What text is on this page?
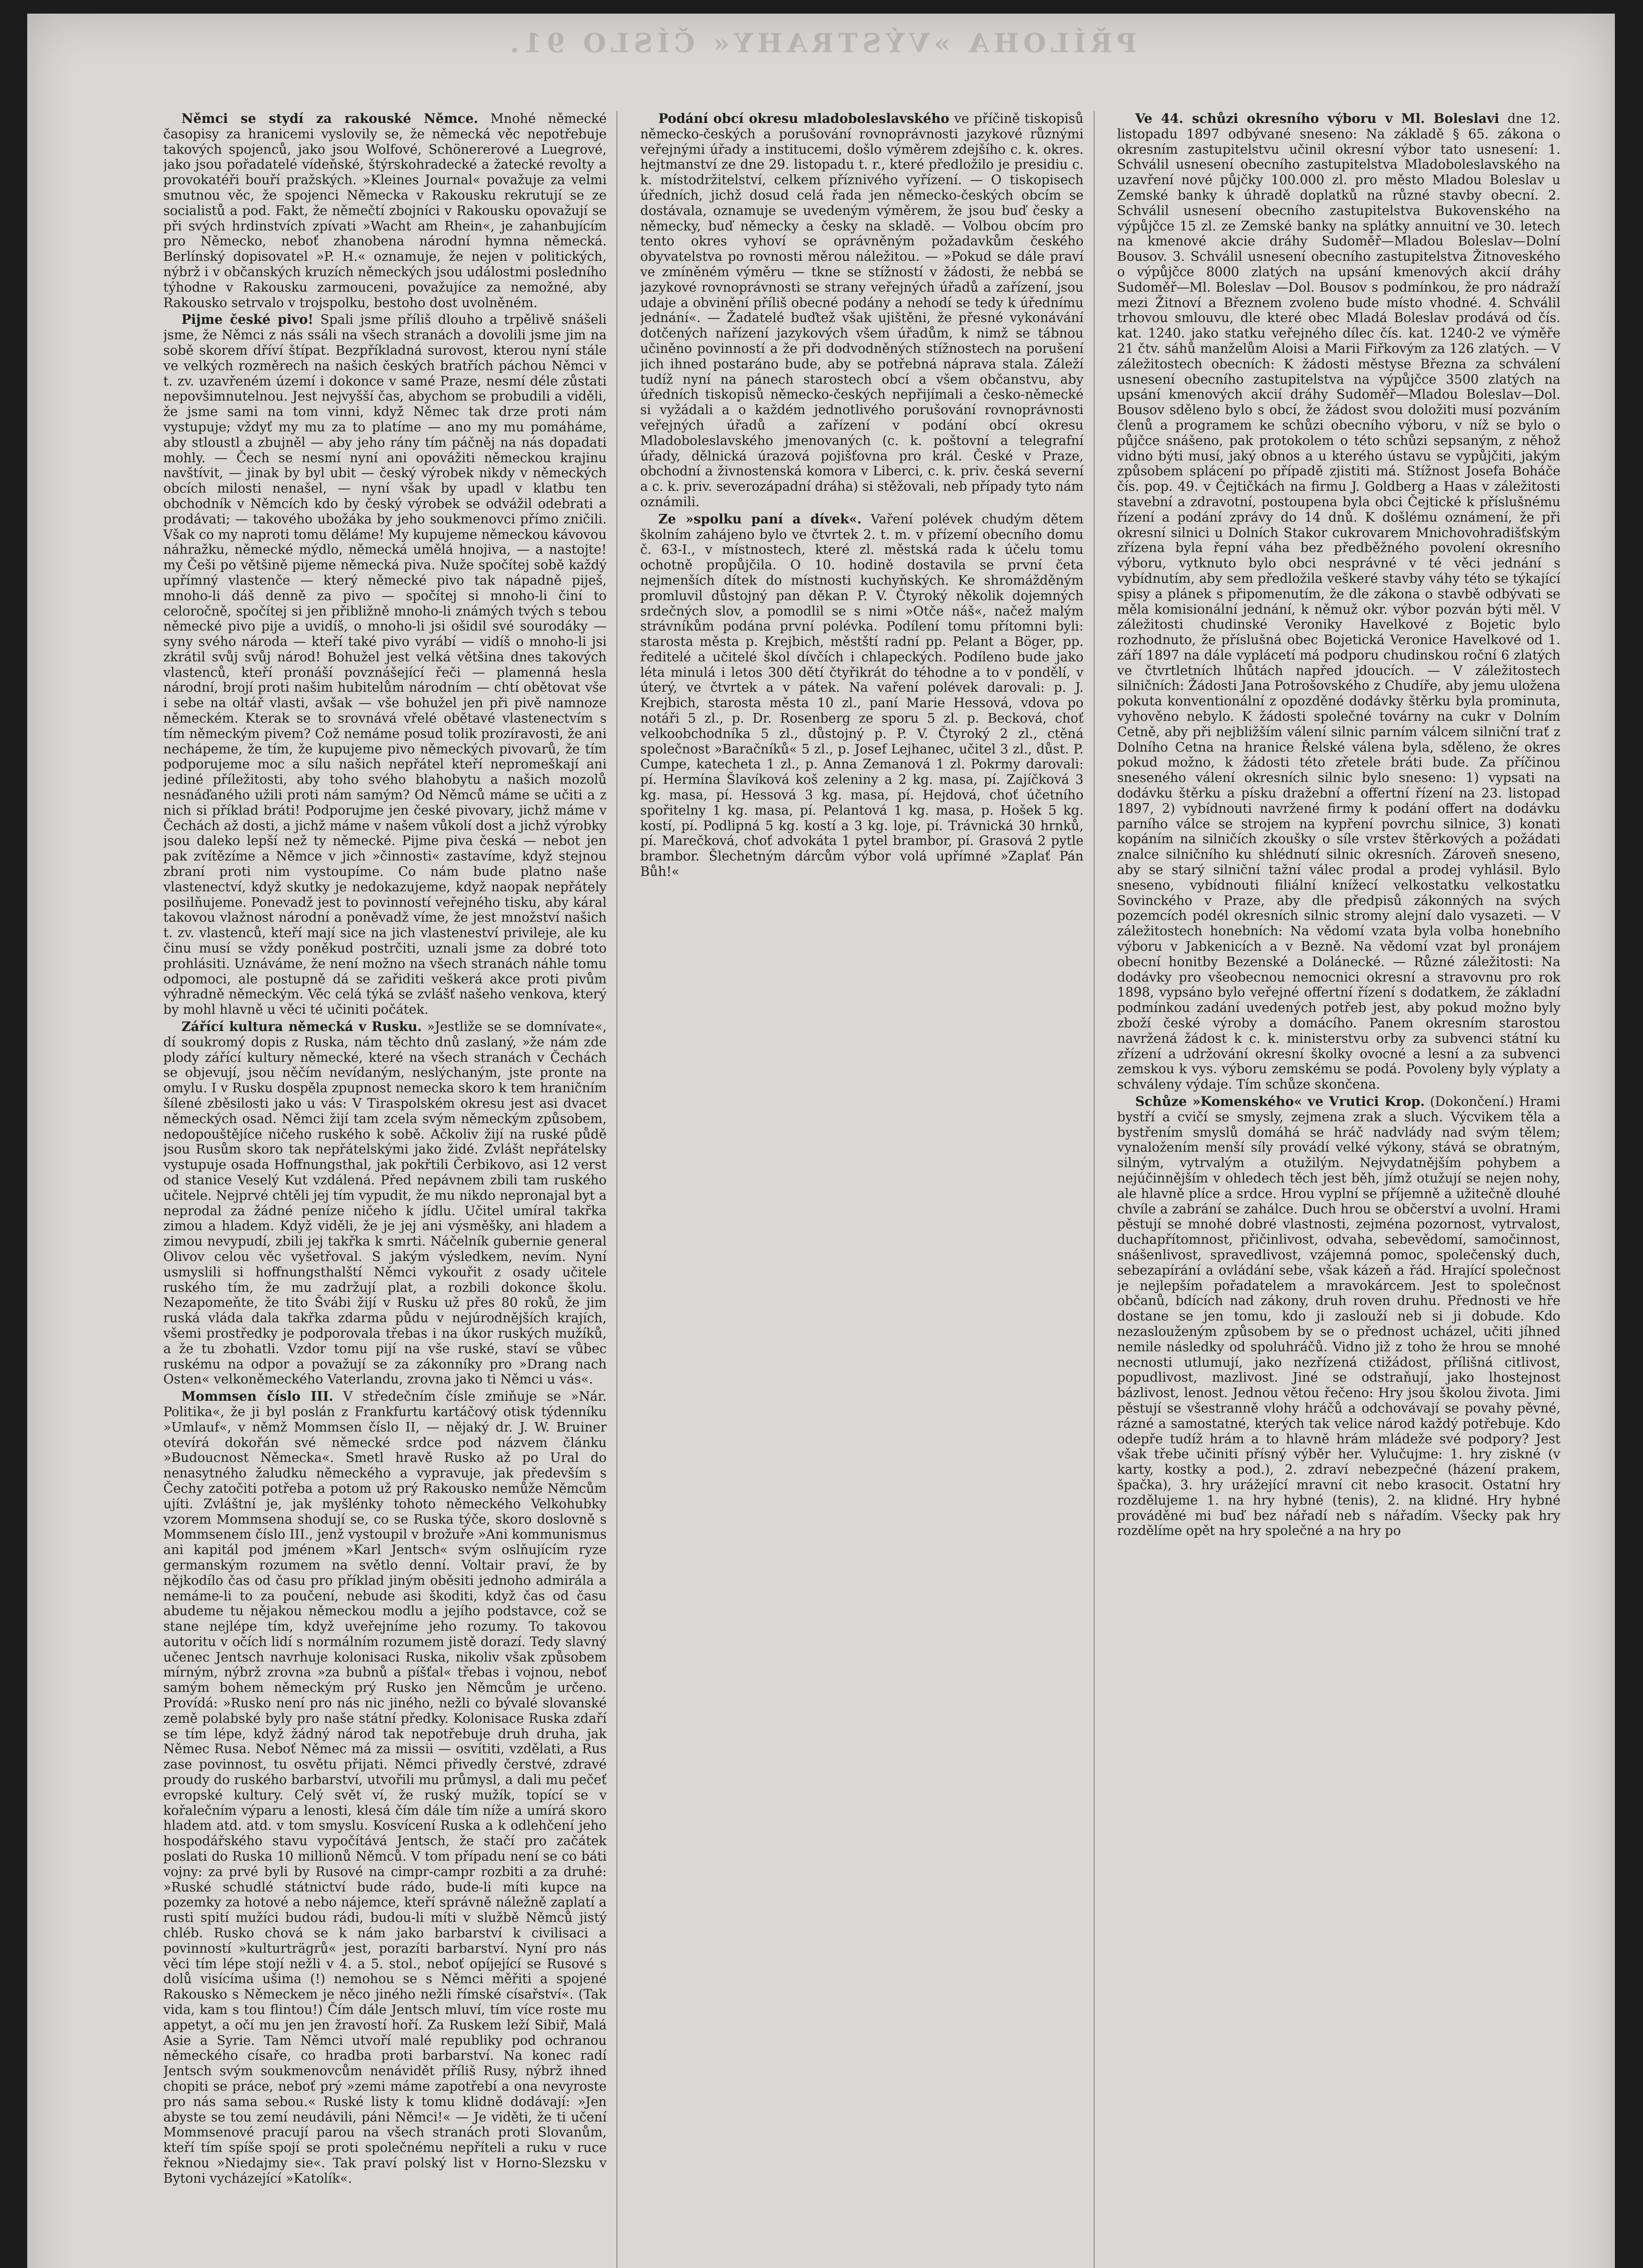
PŘÍLOHA »VÝSTRAHY« ČÍSLO 91.

Němci se stydí za rakouské Němce. Mnohé německé časopisy za hranicemi vyslovily se, že německá věc nepotřebuje takových spojenců, jako jsou Wolfové, Schönererové a Luegrové, jako jsou pořadatelé vídeňské, štýrskohradecké a žatecké revolty a provokatéři bouří pražských. »Kleines Journal« považuje za velmi smutnou věc, že spojenci Německa v Rakousku rekrutují se ze socialistů a pod. Fakt, že němečtí zbojníci v Rakousku opovažují se při svých hrdinstvích zpívati »Wacht am Rhein«, je zahanbujícím pro Německo, neboť zhanobena národní hymna německá. Berlínský dopisovatel »P. H.« oznamuje, že nejen v politických, nýbrž i v občanských kruzích německých jsou událostmi posledního týhodne v Rakousku zarmouceni, považujíce za nemožné, aby Rakousko setrvalo v trojspolku, bestoho dost uvolněném.

Pijme české pivo! Spali jsme příliš dlouho a trpělivě snášeli jsme, že Němci z nás ssáli na všech stranách a dovolili jsme jim na sobě skorem dříví štípat. Bezpříkladná surovost, kterou nyní stále ve velkých rozměrech na našich českých bratřích páchou Němci v t. zv. uzavřeném území i dokonce v samé Praze, nesmí déle zůstati nepovšimnutelnou. Jest nejvyšší čas, abychom se probudili a viděli, že jsme sami na tom vinni, když Němec tak drze proti nám vystupuje; vždyť my mu za to platíme — ano my mu pomáháme, aby stloustl a zbujněl — aby jeho rány tím páčněj na nás dopadati mohly. — Čech se nesmí nyní ani opovážiti německou krajinu navštívit, — jinak by byl ubit — český výrobek nikdy v německých obcích milosti nenašel, — nyní však by upadl v klatbu ten obchodník v Němcích kdo by český výrobek se odvážil odebrati a prodávati; — takového ubožáka by jeho soukmenovci přímo zničili. Však co my naproti tomu děláme! My kupujeme německou kávovou náhražku, německé mýdlo, německá umělá hnojiva, — a nastojte! my Češi po většině pijeme německá piva. Nuže spočítej sobě každý upřímný vlastenče — který německé pivo tak nápadně piješ, mnoho-li dáš denně za pivo — spočítej si mnoho-li činí to celoročně, spočítej si jen přibližně mnoho-li známých tvých s tebou německé pivo pije a uvidíš, o mnoho-li jsi ošidil své sourodáky — syny svého národa — kteří také pivo vyrábí — vidíš o mnoho-li jsi zkrátil svůj svůj národ! Bohužel jest velká většina dnes takových vlastenců, kteří pronáší povznášející řeči — plamenná hesla národní, brojí proti našim hubitelům národním — chtí obětovat vše i sebe na oltář vlasti, avšak — vše bohužel jen při pivě namnoze německém. Kterak se to srovnává vřelé obětavé vlastenectvím s tím německým pivem? Což nemáme posud tolik prozíravosti, že ani nechápeme, že tím, že kupujeme pivo německých pivovarů, že tím podporujeme moc a sílu našich nepřátel kteří nepromeškají ani jediné příležitosti, aby toho svého blahobytu a našich mozolů nesnáďaného užili proti nám samým? Od Němců máme se učiti a z nich si příklad bráti! Podporujme jen české pivovary, jichž máme v Čechách až dosti, a jichž máme v našem vůkolí dost a jichž výrobky jsou daleko lepší než ty německé. Pijme piva česká — nebot jen pak zvítězíme a Němce v jich »činnosti« zastavíme, když stejnou zbraní proti nim vystoupíme. Co nám bude platno naše vlastenectví, když skutky je nedokazujeme, když naopak nepřátely posilňujeme. Ponevadž jest to povinností veřejného tisku, aby káral takovou vlažnost národní a poněvadž víme, že jest množství našich t. zv. vlastenců, kteří mají sice na jich vlasteneství privileje, ale ku činu musí se vždy poněkud postrčiti, uznali jsme za dobré toto prohlásiti. Uznáváme, že není možno na všech stranách náhle tomu odpomoci, ale postupně dá se zařiditi veškerá akce proti pivům výhradně německým. Věc celá týká se zvlášť našeho venkova, který by mohl hlavně u věci té učiniti počátek.

Zářící kultura německá v Rusku. »Jestliže se se domnívate«, dí soukromý dopis z Ruska, nám těchto dnů zaslaný, »že nám zde plody zářící kultury německé, které na všech stranách v Čechách se objevují, jsou něčím nevídaným, neslýchaným, jste pronte na omylu. I v Rusku dospěla zpupnost nemecka skoro k tem hraničním šílené zběsilosti jako u vás: V Tiraspolském okresu jest asi dvacet německých osad. Němci žijí tam zcela svým německým způsobem, nedopouštějíce ničeho ruského k sobě. Ačkoliv žijí na ruské půdě jsou Rusům skoro tak nepřátelskými jako židé. Zvlášt nepřátelsky vystupuje osada Hoffnungsthal, jak pokřtili Čerbikovo, asi 12 verst od stanice Veselý Kut vzdálená. Před nepávnem zbili tam ruského učitele. Nejprvé chtěli jej tím vypudit, že mu nikdo nepronajal byt a neprodal za žádné peníze ničeho k jídlu. Učitel umíral takřka zimou a hladem. Když viděli, že je jej ani výsměšky, ani hladem a zimou nevypudí, zbili jej takřka k smrti. Náčelník gubernie general Olivov celou věc vyšetřoval. S jakým výsledkem, nevím. Nyní usmyslili si hoffnungsthalští Němci vykouřit z osady učitele ruského tím, že mu zadržují plat, a rozbili dokonce školu. Nezapomeňte, že tito Švábi žijí v Rusku už přes 80 roků, že jim ruská vláda dala takřka zdarma půdu v nejúrodnějších krajích, všemi prostředky je podporovala třebas i na úkor ruských mužíků, a že tu zbohatli. Vzdor tomu pijí na vše ruské, staví se vůbec ruskému na odpor a považují se za zákonníky pro »Drang nach Osten« velkoněmeckého Vaterlandu, zrovna jako ti Němci u vás«.

Mommsen číslo III. V středečním čísle zmiňuje se »Nár. Politika«, že ji byl poslán z Frankfurtu kartáčový otisk týdenníku »Umlauf«, v němž Mommsen číslo II, — nějaký dr. J. W. Bruiner otevírá dokořán své německé srdce pod názvem článku »Budoucnost Německa«. Smetl hravě Rusko až po Ural do nenasytného žaludku německého a vypravuje, jak především s Čechy zatočiti potřeba a potom už prý Rakousko nemůže Němcům ujíti. Zvláštní je, jak myšlénky tohoto německého Velkohubky vzorem Mommsena shodují se, co se Ruska týče, skoro doslovně s Mommsenem číslo III., jenž vystoupil v brožuře »Ani kommunismus ani kapitál pod jménem »Karl Jentsch« svým oslňujícím ryze germanským rozumem na světlo denní. Voltair praví, že by nějkodílo čas od času pro příklad jiným oběsiti jednoho admirála a nemáme-li to za poučení, nebude asi škoditi, když čas od času abudeme tu nějakou německou modlu a jejího podstavce, což se stane nejlépe tím, když uveřejníme jeho rozumy. To takovou autoritu v očích lidí s normálním rozumem jistě dorazí. Tedy slavný učenec Jentsch navrhuje kolonisaci Ruska, nikoliv však způsobem mírným, nýbrž zrovna »za bubnů a píšťal« třebas i vojnou, neboť samým bohem německým prý Rusko jen Němcům je určeno. Provídá: »Rusko není pro nás nic jiného, nežli co bývalé slovanské země polabské byly pro naše státní předky. Kolonisace Ruska zdaří se tím lépe, když žádný národ tak nepotřebuje druh druha, jak Němec Rusa. Neboť Němec má za missii — osvítiti, vzdělati, a Rus zase povinnost, tu osvětu přijati. Němci přivedly čerstvé, zdravé proudy do ruského barbarství, utvořili mu průmysl, a dali mu pečeť evropské kultury. Celý svět ví, že ruský mužík, topící se v kořalečním výparu a lenosti, klesá čím dále tím níže a umírá skoro hladem atd. atd. v tom smyslu. Kosvícení Ruska a k odlehčení jeho hospodářského stavu vypočítává Jentsch, že stačí pro začátek poslati do Ruska 10 millionů Němců. V tom případu není se co báti vojny: za prvé byli by Rusové na cimpr-campr rozbiti a za druhé: »Ruské schudlé státnictví bude rádo, bude-li míti kupce na pozemky za hotové a nebo nájemce, kteří správně náležně zaplatí a rusti spití mužíci budou rádi, budou-li míti v službě Němců jistý chléb. Rusko chová se k nám jako barbarství k civilisaci a povinností »kulturträgrů« jest, porazíti barbarství. Nyní pro nás věci tím lépe stojí nežli v 4. a 5. stol., neboť opíjející se Rusové s dolů visícíma ušima (!) nemohou se s Němci měřiti a spojené Rakousko s Německem je něco jiného nežli římské císařství«. (Tak vida, kam s tou flintou!) Čím dále Jentsch mluví, tím více roste mu appetyt, a očí mu jen jen žravostí hoří. Za Ruskem leží Sibiř, Malá Asie a Syrie. Tam Němci utvoří malé republiky pod ochranou německého císaře, co hradba proti barbarství. Na konec radí Jentsch svým soukmenovcům nenávidět příliš Rusy, nýbrž ihned chopiti se práce, neboť prý »zemi máme zapotřebí a ona nevyroste pro nás sama sebou.« Ruské listy k tomu klidně dodávají: »Jen abyste se tou zemí neudávili, páni Němci!« — Je viděti, že ti učení Mommsenové pracují parou na všech stranách proti Slovanům, kteří tím spíše spojí se proti společnému nepříteli a ruku v ruce řeknou »Niedajmy sie«. Tak praví polský list v Horno-Slezsku v Bytoni vycházející »Katolík«.

Podání obcí okresu mladoboleslavského ve příčině tiskopisů německo-českých a porušování rovnoprávnosti jazykové různými veřejnými úřady a institucemi, došlo výměrem zdejšího c. k. okres. hejtmanství ze dne 29. listopadu t. r., které předložilo je presidiu c. k. místodržitelství, celkem příznivého vyřízení. — O tiskopisech úředních, jichž dosud celá řada jen německo-českých obcím se dostávala, oznamuje se uvedeným výměrem, že jsou buď česky a německy, buď německy a česky na skladě. — Volbou obcím pro tento okres vyhoví se oprávněným požadavkům českého obyvatelstva po rovnosti měrou náležitou. — »Pokud se dále praví ve zmíněném výměru — tkne se stížností v žádosti, že nebbá se jazykové rovnoprávnosti se strany veřejných úřadů a zařízení, jsou udaje a obvinění příliš obecné podány a nehodí se tedy k úřednímu jednání«. — Žadatelé buďtež však ujištěni, že přesné vykonávání dotčených nařízení jazykových všem úřadům, k nimž se tábnou učiněno povinností a že při dodvodněných stížnostech na porušení jich ihned postaráno bude, aby se potřebná náprava stala. Záleží tudíž nyní na pánech starostech obcí a všem občanstvu, aby úředních tiskopisů německo-českých nepřijímali a česko-německé si vyžádali a o každém jednotlivého porušování rovnoprávnosti veřejných úřadů a zařízení v podání obcí okresu Mladoboleslavského jmenovaných (c. k. poštovní a telegrafní úřady, dělnická úrazová pojišťovna pro král. České v Praze, obchodní a živnostenská komora v Liberci, c. k. priv. česká severní a c. k. priv. severozápadní dráha) si stěžovali, neb případy tyto nám oznámili.

Ze »spolku paní a dívek«. Vaření polévek chudým dětem školním zahájeno bylo ve čtvrtek 2. t. m. v přízemí obecního domu č. 63-I., v místnostech, které zl. městská rada k účelu tomu ochotně propůjčila. O 10. hodině dostavila se první četa nejmenších dítek do místnosti kuchyňských. Ke shromážděným promluvil důstojný pan děkan P. V. Čtyroký několik dojemných srdečných slov, a pomodlil se s nimi »Otče náš«, načež malým strávníkům podána první polévka. Podílení tomu přítomni byli: starosta města p. Krejbich, městští radní pp. Pelant a Böger, pp. ředitelé a učitelé škol dívčích i chlapeckých. Podíleno bude jako léta minulá i letos 300 dětí čtyřikrát do téhodne a to v pondělí, v úterý, ve čtvrtek a v pátek. Na vaření polévek darovali: p. J. Krejbich, starosta města 10 zl., paní Marie Hessová, vdova po notáři 5 zl., p. Dr. Rosenberg ze sporu 5 zl. p. Becková, choť velkoobchodníka 5 zl., důstojný p. P. V. Čtyroký 2 zl., ctěná společnost »Baračníků« 5 zl., p. Josef Lejhanec, učitel 3 zl., důst. P. Cumpe, katecheta 1 zl., p. Anna Zemanová 1 zl. Pokrmy darovali: pí. Hermína Šlavíková koš zeleniny a 2 kg. masa, pí. Zajíčková 3 kg. masa, pí. Hessová 3 kg. masa, pí. Hejdová, choť účetního spořitelny 1 kg. masa, pí. Pelantová 1 kg. masa, p. Hošek 5 kg. kostí, pí. Podlipná 5 kg. kostí a 3 kg. loje, pí. Trávnická 30 hrnků, pí. Marečková, choť advokáta 1 pytel brambor, pí. Grasová 2 pytle brambor. Šlechetným dárcům výbor volá upřímné »Zaplať Pán Bůh!«

Ve 44. schůzi okresního výboru v Ml. Boleslavi dne 12. listopadu 1897 odbývané sneseno: Na základě § 65. zákona o okresním zastupitelstvu učinil okresní výbor tato usnesení: 1. Schválil usnesení obecního zastupitelstva Mladoboleslavského na uzavření nové půjčky 100.000 zl. pro město Mladou Boleslav u Zemské banky k úhradě doplatků na různé stavby obecní. 2. Schválil usnesení obecního zastupitelstva Bukovenského na výpůjčce 15 zl. ze Zemské banky na splátky annuitní ve 30. letech na kmenové akcie dráhy Sudoměř—Mladou Boleslav—Dolní Bousov. 3. Schválil usnesení obecního zastupitelstva Žitnoveského o výpůjčce 8000 zlatých na upsání kmenových akcií dráhy Sudoměř—Ml. Boleslav —Dol. Bousov s podmínkou, že pro nádraží mezi Žitnoví a Březnem zvoleno bude místo vhodné. 4. Schválil trhovou smlouvu, dle které obec Mladá Boleslav prodává od čís. kat. 1240. jako statku veřejného dílec čís. kat. 1240-2 ve výměře 21 čtv. sáhů manželům Aloisi a Marii Fiřkovým za 126 zlatých. — V záležitostech obecních: K žádosti městyse Března za schválení usnesení obecního zastupitelstva na výpůjčce 3500 zlatých na upsání kmenových akcií dráhy Sudoměř—Mladou Boleslav—Dol. Bousov sděleno bylo s obcí, že žádost svou doložiti musí pozváním členů a programem ke schůzi obecního výboru, v níž se bylo o půjčce snášeno, pak protokolem o této schůzi sepsaným, z něhož vidno býti musí, jaký obnos a u kterého ústavu se vypůjčiti, jakým způsobem splácení po případě zjistiti má. Stížnost Josefa Boháče čís. pop. 49. v Čejtičkách na firmu J. Goldberg a Haas v záležitosti stavební a zdravotní, postoupena byla obci Čejtické k příslušnému řízení a podání zprávy do 14 dnů. K došlému oznámení, že při okresní silnici u Dolních Stakor cukrovarem Mnichovohradišťským zřízena byla řepní váha bez předběžného povolení okresního výboru, vytknuto bylo obci nesprávné v té věci jednání s vybídnutím, aby sem předložila veškeré stavby váhy této se týkající spisy a plánek s připomenutím, že dle zákona o stavbě odbývati se měla komisionální jednání, k němuž okr. výbor pozván býti měl. V záležitosti chudinské Veroniky Havelkové z Bojetic bylo rozhodnuto, že příslušná obec Bojetická Veronice Havelkové od 1. září 1897 na dále vyplácetí má podporu chudinskou roční 6 zlatých ve čtvrtletních lhůtách napřed jdoucích. — V záležitostech silničních: Žádosti Jana Potrošovského z Chudíře, aby jemu uložena pokuta konventionální z opozděné dodávky štěrku byla prominuta, vyhověno nebylo. K žádosti společné továrny na cukr v Dolním Cetně, aby při nejbližším válení silnic parním válcem silniční trať z Dolního Cetna na hranice Řelské válena byla, sděleno, že okres pokud možno, k žádosti této zřetele bráti bude. Za příčinou sneseného válení okresních silnic bylo sneseno: 1) vypsati na dodávku štěrku a písku dražební a offertní řízení na 23. listopad 1897, 2) vybídnouti navržené firmy k podání offert na dodávku parního válce se strojem na kypření povrchu silnice, 3) konati kopáním na silničích zkoušky o síle vrstev štěrkových a požádati znalce silničního ku shlédnutí silnic okresních. Zároveň sneseno, aby se starý silniční tažní válec prodal a prodej vyhlásil. Bylo sneseno, vybídnouti filiální knížecí velkostatku velkostatku Sovinckého v Praze, aby dle předpisů zákonných na svých pozemcích podél okresních silnic stromy alejní dalo vysazeti. — V záležitostech honebních: Na vědomí vzata byla volba honebního výboru v Jabkenicích a v Bezně. Na vědomí vzat byl pronájem obecní honitby Bezenské a Dolánecké. — Různé záležitosti: Na dodávky pro všeobecnou nemocnici okresní a stravovnu pro rok 1898, vypsáno bylo veřejné offertní řízení s dodatkem, že základní podmínkou zadání uvedených potřeb jest, aby pokud možno byly zboží české výroby a domácího. Panem okresním starostou navržená žádost k c. k. ministerstvu orby za subvenci státní ku zřízení a udržování okresní školky ovocné a lesní a za subvenci zemskou k vys. výboru zemskému se podá. Povoleny byly výplaty a schváleny výdaje. Tím schůze skončena.

Schůze »Komenského« ve Vrutici Krop. (Dokončení.) Hrami bystří a cvičí se smysly, zejmena zrak a sluch. Výcvikem těla a bystřením smyslů domáhá se hráč nadvlády nad svým tělem; vynaložením menší síly provádí velké výkony, stává se obratným, silným, vytrvalým a otužilým. Nejvydatnějším pohybem a nejúčinnějším v ohledech těch jest běh, jímž otužují se nejen nohy, ale hlavně plíce a srdce. Hrou vyplní se příjemně a užitečně dlouhé chvíle a zabrání se zahálce. Duch hrou se občerství a uvolní. Hrami pěstují se mnohé dobré vlastnosti, zejména pozornost, vytrvalost, duchapřítomnost, přičinlivost, odvaha, sebevědomí, samočinnost, snášenlivost, spravedlivost, vzájemná pomoc, společenský duch, sebezapírání a ovládání sebe, však kázeň a řád. Hrající společnost je nejlepším pořadatelem a mravokárcem. Jest to společnost občanů, bdících nad zákony, druh roven druhu. Přednosti ve hře dostane se jen tomu, kdo ji zaslouží neb si ji dobude. Kdo nezaslouženým způsobem by se o přednost ucházel, učiti jíhned nemile následky od spoluhráčů. Vidno již z toho že hrou se mnohé necnosti utlumují, jako nezřízená ctižádost, přílišná citlivost, popudlivost, mazlivost. Jiné se odstraňují, jako lhostejnost bázlivost, lenost. Jednou větou řečeno: Hry jsou školou života. Jimi pěstují se všestranně vlohy hráčů a odchovávají se povahy pěvné, rázné a samostatné, kterých tak velice národ každý potřebuje. Kdo odepře tudíž hrám a to hlavně hrám mládeže své podpory? Jest však třebe učiniti přísný výběr her. Vylučujme: 1. hry ziskné (v karty, kostky a pod.), 2. zdraví nebezpečné (házení prakem, špačka), 3. hry urážející mravní cit nebo krasocit. Ostatní hry rozdělujeme 1. na hry hybné (tenis), 2. na klidné. Hry hybné prováděné mi buď bez nářadí neb s nářadím. Všecky pak hry rozdělíme opět na hry společné a na hry po
